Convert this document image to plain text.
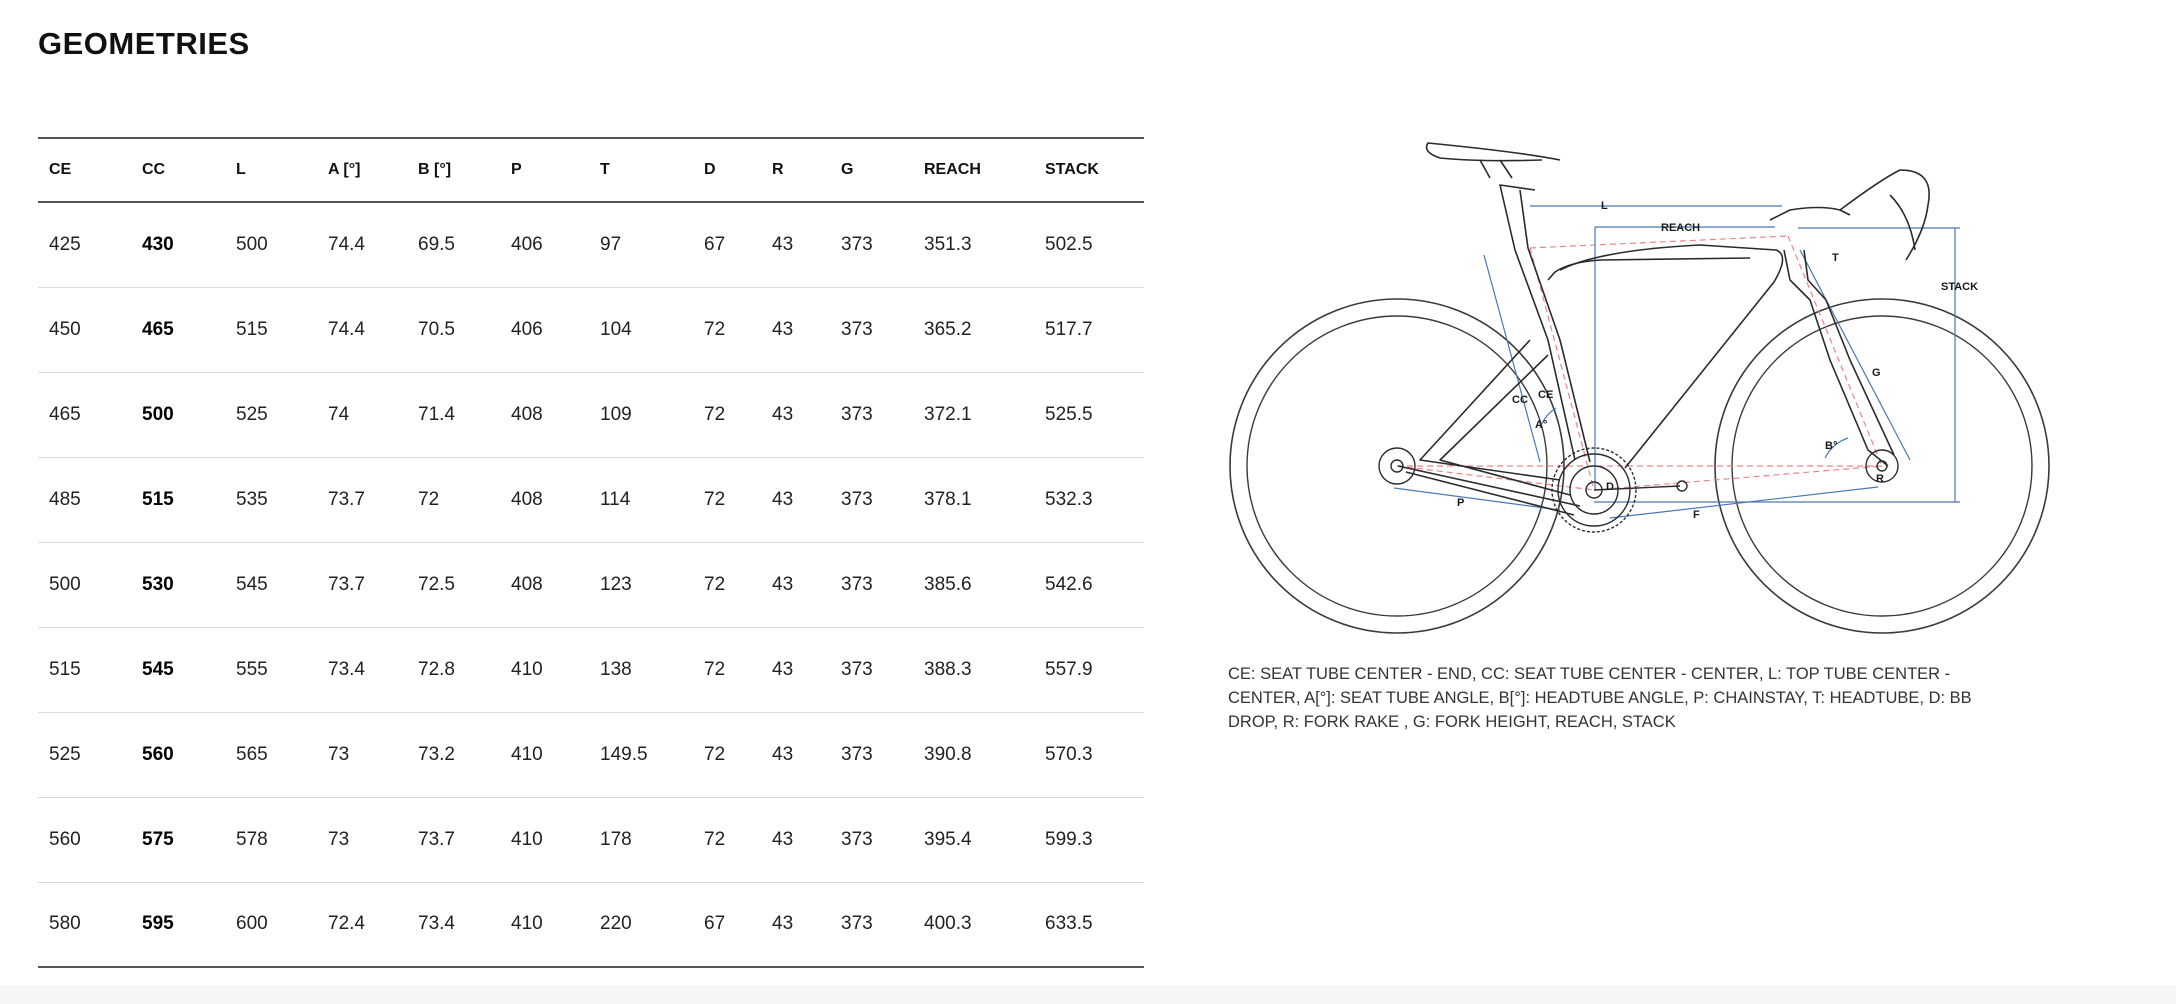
GEOMETRIES
CE	CC	L	A [°]	B [°]	P	T	D	R	G	REACH	STACK
425	430	500	74.4	69.5	406	97	67	43	373	351.3	502.5
450	465	515	74.4	70.5	406	104	72	43	373	365.2	517.7
465	500	525	74	71.4	408	109	72	43	373	372.1	525.5
485	515	535	73.7	72	408	114	72	43	373	378.1	532.3
500	530	545	73.7	72.5	408	123	72	43	373	385.6	542.6
515	545	555	73.4	72.8	410	138	72	43	373	388.3	557.9
525	560	565	73	73.2	410	149.5	72	43	373	390.8	570.3
560	575	578	73	73.7	410	178	72	43	373	395.4	599.3
580	595	600	72.4	73.4	410	220	67	43	373	400.3	633.5
L
REACH
STACK
T
G
CC CE
A°
B°
D
R
P
F

CE: SEAT TUBE CENTER - END, CC: SEAT TUBE CENTER - CENTER, L: TOP TUBE CENTER - CENTER, A[°]: SEAT TUBE ANGLE, B[°]: HEADTUBE ANGLE, P: CHAINSTAY, T: HEADTUBE, D: BB DROP, R: FORK RAKE , G: FORK HEIGHT, REACH, STACK
